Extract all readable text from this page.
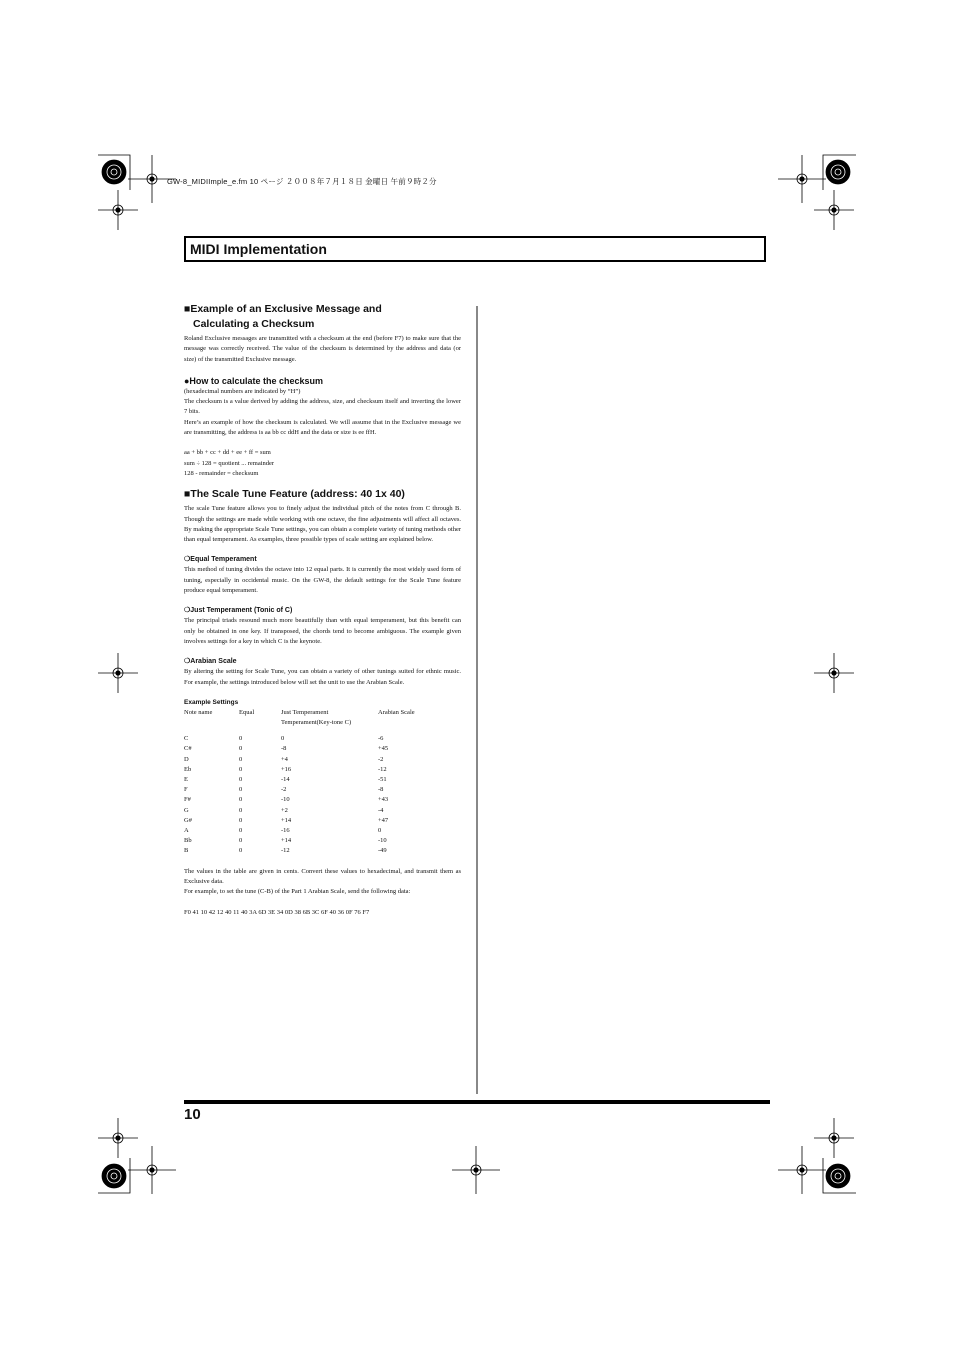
GW-8_MIDIImple_e.fm 10 ページ ２００８年７月１８日 金曜日 午前９時２分
MIDI Implementation
■Example of an Exclusive Message and
Calculating a Checksum

Roland Exclusive messages are transmitted with a checksum at the end (before F7) to make sure that the message was correctly received. The value of the checksum is determined by the address and data (or size) of the transmitted Exclusive message.

●How to calculate the checksum

(hexadecimal numbers are indicated by “H”)

The checksum is a value derived by adding the address, size, and checksum itself and inverting the lower 7 bits.

Here’s an example of how the checksum is calculated. We will assume that in the Exclusive message we are transmitting, the address is aa bb cc ddH and the data or size is ee ffH.

aa + bb + cc + dd + ee + ff = sum

sum ÷ 128 = quotient ... remainder

128 - remainder = checksum

■The Scale Tune Feature (address: 40 1x 40)

The scale Tune feature allows you to finely adjust the individual pitch of the notes from C through B. Though the settings are made while working with one octave, the fine adjustments will affect all octaves. By making the appropriate Scale Tune settings, you can obtain a complete variety of tuning methods other than equal temperament. As examples, three possible types of scale setting are explained below.

❍Equal Temperament

This method of tuning divides the octave into 12 equal parts. It is currently the most widely used form of tuning, especially in occidental music. On the GW-8, the default settings for the Scale Tune feature produce equal temperament.

❍Just Temperament (Tonic of C)

The principal triads resound much more beautifully than with equal temperament, but this benefit can only be obtained in one key. If transposed, the chords tend to become ambiguous. The example given involves settings for a key in which C is the keynote.

❍Arabian Scale

By altering the setting for Scale Tune, you can obtain a variety of other tunings suited for ethnic music. For example, the settings introduced below will set the unit to use the Arabian Scale.

Example Settings
Note name	Equal	Just Temperament
Temperament(Key-tone C)	Arabian Scale

C	0	0	-6
C#	0	-8	+45
D	0	+4	-2
Eb	0	+16	-12
E	0	-14	-51
F	0	-2	-8
F#	0	-10	+43
G	0	+2	-4
G#	0	+14	+47
A	0	-16	0
Bb	0	+14	-10
B	0	-12	-49

The values in the table are given in cents. Convert these values to hexadecimal, and transmit them as Exclusive data.

For example, to set the tune (C-B) of the Part 1 Arabian Scale, send the following data:

F0 41 10 42 12 40 11 40 3A 6D 3E 34 0D 38 6B 3C 6F 40 36 0F 76 F7

10
